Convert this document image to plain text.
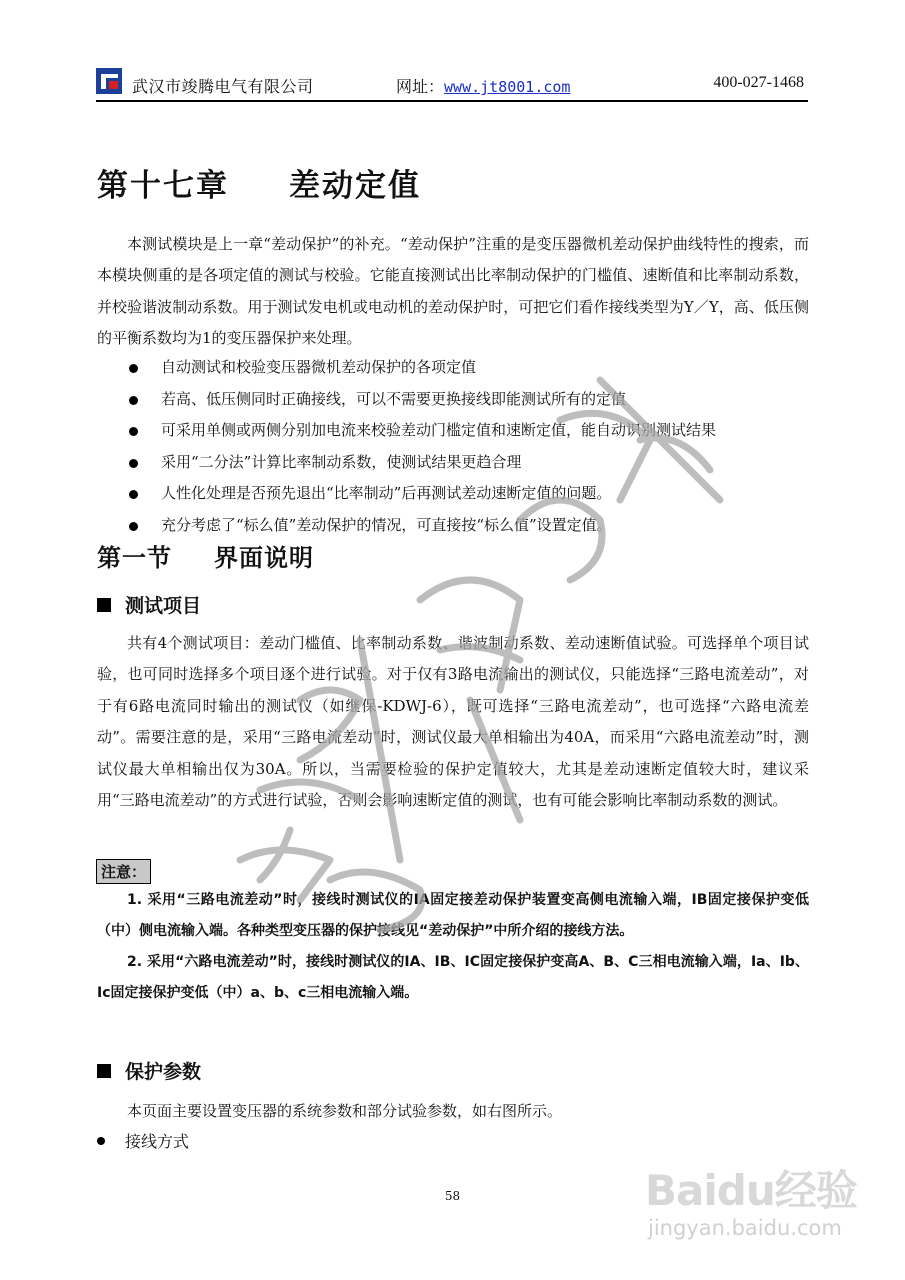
武汉市竣腾电气有限公司	网址：www.jt8001.com	400-027-1468
第十七章 差动定值

本测试模块是上一章“差动保护”的补充。“差动保护”注重的是变压器微机差动保护曲线特性的搜索，而本模块侧重的是各项定值的测试与校验。它能直接测试出比率制动保护的门槛值、速断值和比率制动系数，并校验谐波制动系数。用于测试发电机或电动机的差动保护时，可把它们看作接线类型为Y／Y，高、低压侧的平衡系数均为1的变压器保护来处理。

自动测试和校验变压器微机差动保护的各项定值
若高、低压侧同时正确接线，可以不需要更换接线即能测试所有的定值
可采用单侧或两侧分别加电流来校验差动门槛定值和速断定值，能自动识别测试结果
采用“二分法”计算比率制动系数，使测试结果更趋合理
人性化处理是否预先退出“比率制动”后再测试差动速断定值的问题。
充分考虑了“标么值”差动保护的情况，可直接按“标么值”设置定值。
第一节 界面说明
测试项目

共有4个测试项目：差动门槛值、比率制动系数、谐波制动系数、差动速断值试验。可选择单个项目试验，也可同时选择多个项目逐个进行试验。对于仅有3路电流输出的测试仪，只能选择“三路电流差动”，对于有6路电流同时输出的测试仪（如继保-KDWJ-6），既可选择“三路电流差动”，也可选择“六路电流差动”。需要注意的是，采用“三路电流差动”时，测试仪最大单相输出为40A，而采用“六路电流差动”时，测试仪最大单相输出仅为30A。所以，当需要检验的保护定值较大，尤其是差动速断定值较大时，建议采用“三路电流差动”的方式进行试验，否则会影响速断定值的测试，也有可能会影响比率制动系数的测试。

注意：

1. 采用“三路电流差动”时，接线时测试仪的IA固定接差动保护装置变高侧电流输入端，IB固定接保护变低（中）侧电流输入端。各种类型变压器的保护接线见“差动保护”中所介绍的接线方法。

2. 采用“六路电流差动”时，接线时测试仪的IA、IB、IC固定接保护变高A、B、C三相电流输入端，Ia、Ib、Ic固定接保护变低（中）a、b、c三相电流输入端。

保护参数

本页面主要设置变压器的系统参数和部分试验参数，如右图所示。

接线方式
58	Baidu经验
jingyan.baidu.com
